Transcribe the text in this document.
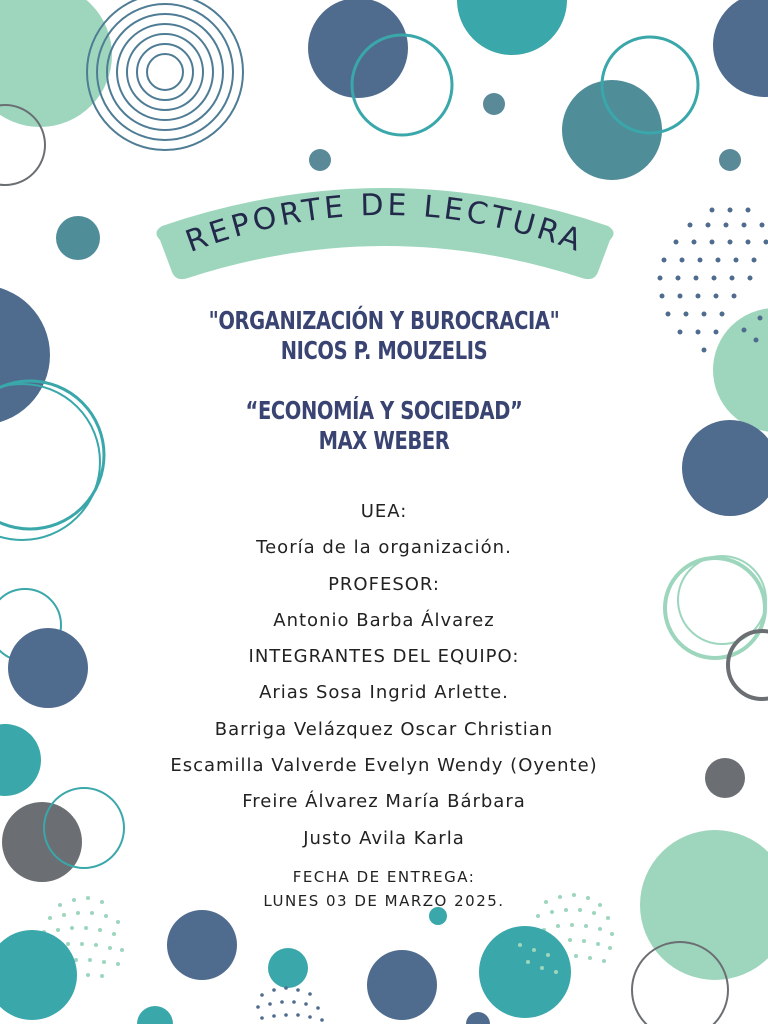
REPORTE DE LECTURA
"ORGANIZACIÓN Y BUROCRACIA"
NICOS P. MOUZELIS
“ECONOMÍA Y SOCIEDAD”
MAX WEBER
UEA:
Teoría de la organización.
PROFESOR:
Antonio Barba Álvarez
INTEGRANTES DEL EQUIPO:
Arias Sosa Ingrid Arlette.
Barriga Velázquez Oscar Christian
Escamilla Valverde Evelyn Wendy (Oyente)
Freire Álvarez María Bárbara
Justo Avila Karla
FECHA DE ENTREGA:
LUNES 03 DE MARZO 2025.
